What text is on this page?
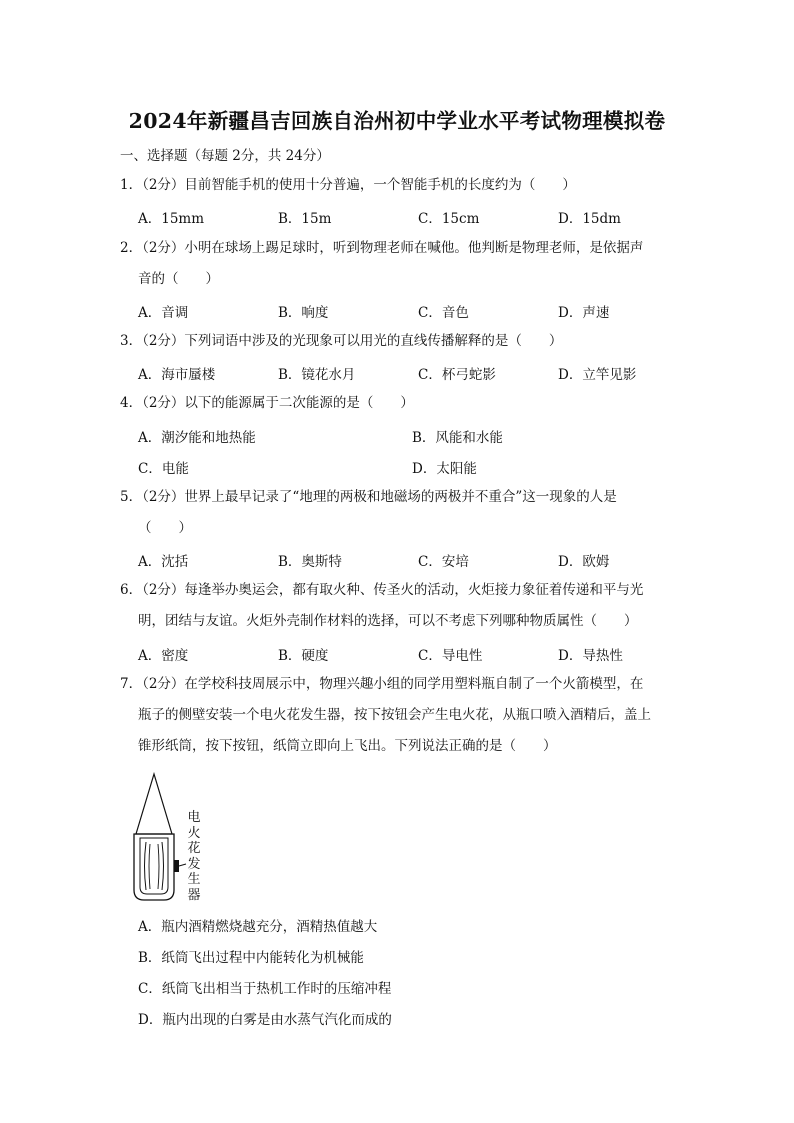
2024年新疆昌吉回族自治州初中学业水平考试物理模拟卷
一、选择题（每题 2分，共 24分）
1．（2分）目前智能手机的使用十分普遍，一个智能手机的长度约为（　　）
A．15mm	B．15m	C．15cm	D．15dm
2．（2分）小明在球场上踢足球时，听到物理老师在喊他。他判断是物理老师，是依据声
音的（　　）
A．音调	B．响度	C．音色	D．声速
3．（2分）下列词语中涉及的光现象可以用光的直线传播解释的是（　　）
A．海市蜃楼	B．镜花水月	C．杯弓蛇影	D．立竿见影
4．（2分）以下的能源属于二次能源的是（　　）
A．潮汐能和地热能	B．风能和水能
C．电能	D．太阳能
5．（2分）世界上最早记录了“地理的两极和地磁场的两极并不重合”这一现象的人是
（　　）
A．沈括	B．奥斯特	C．安培	D．欧姆
6．（2分）每逢举办奥运会，都有取火种、传圣火的活动，火炬接力象征着传递和平与光
明，团结与友谊。火炬外壳制作材料的选择，可以不考虑下列哪种物质属性（　　）
A．密度	B．硬度	C．导电性	D．导热性
7．（2分）在学校科技周展示中，物理兴趣小组的同学用塑料瓶自制了一个火箭模型，在
瓶子的侧壁安装一个电火花发生器，按下按钮会产生电火花，从瓶口喷入酒精后，盖上
锥形纸筒，按下按钮，纸筒立即向上飞出。下列说法正确的是（　　）
电
火
花
发
生
器
A．瓶内酒精燃烧越充分，酒精热值越大
B．纸筒飞出过程中内能转化为机械能
C．纸筒飞出相当于热机工作时的压缩冲程
D．瓶内出现的白雾是由水蒸气汽化而成的
